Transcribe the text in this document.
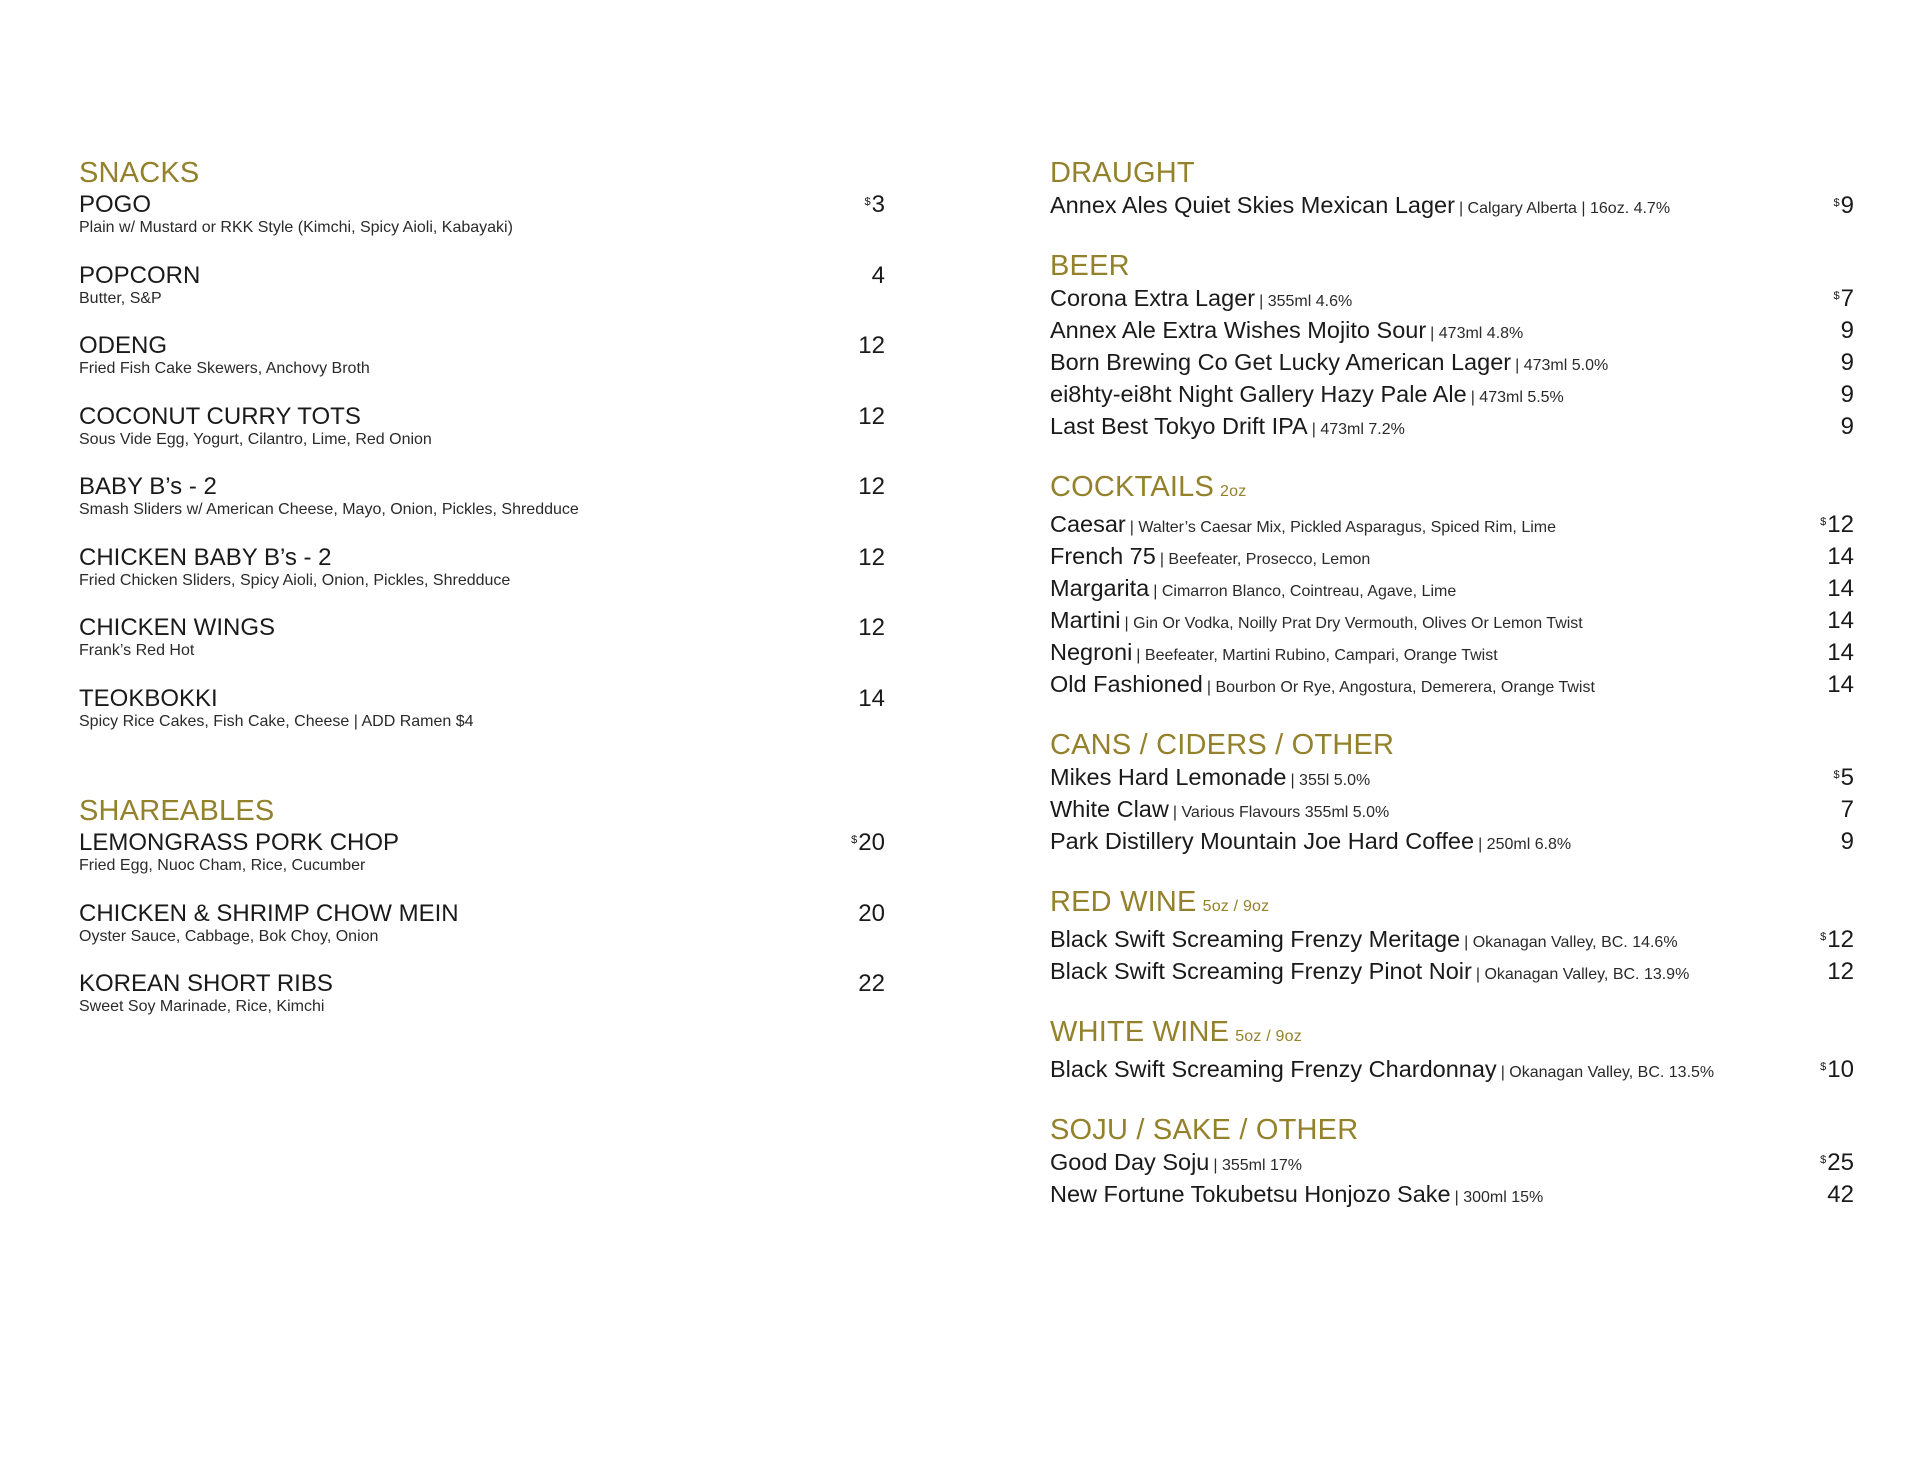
SNACKS
POGO
Plain w/ Mustard or RKK Style (Kimchi, Spicy Aioli, Kabayaki)
$3
POPCORN
Butter, S&P
4
ODENG
Fried Fish Cake Skewers, Anchovy Broth
12
COCONUT CURRY TOTS
Sous Vide Egg, Yogurt, Cilantro, Lime, Red Onion
12
BABY B’s - 2
Smash Sliders w/ American Cheese, Mayo, Onion, Pickles, Shredduce
12
CHICKEN BABY B’s - 2
Fried Chicken Sliders, Spicy Aioli, Onion, Pickles, Shredduce
12
CHICKEN WINGS
Frank’s Red Hot
12
TEOKBOKKI
Spicy Rice Cakes, Fish Cake, Cheese | ADD Ramen $4
14
SHAREABLES
LEMONGRASS PORK CHOP
Fried Egg, Nuoc Cham, Rice, Cucumber
$20
CHICKEN & SHRIMP CHOW MEIN
Oyster Sauce, Cabbage, Bok Choy, Onion
20
KOREAN SHORT RIBS
Sweet Soy Marinade, Rice, Kimchi
22
DRAUGHT
Annex Ales Quiet Skies Mexican Lager | Calgary Alberta | 16oz. 4.7%	$9
BEER
Corona Extra Lager | 355ml 4.6%	$7
Annex Ale Extra Wishes Mojito Sour | 473ml 4.8%	9
Born Brewing Co Get Lucky American Lager | 473ml 5.0%	9
ei8hty-ei8ht Night Gallery Hazy Pale Ale | 473ml 5.5%	9
Last Best Tokyo Drift IPA | 473ml 7.2%	9
COCKTAILS 2oz
Caesar | Walter’s Caesar Mix, Pickled Asparagus, Spiced Rim, Lime	$12
French 75 | Beefeater, Prosecco, Lemon	14
Margarita | Cimarron Blanco, Cointreau, Agave, Lime	14
Martini | Gin Or Vodka, Noilly Prat Dry Vermouth, Olives Or Lemon Twist	14
Negroni | Beefeater, Martini Rubino, Campari, Orange Twist	14
Old Fashioned | Bourbon Or Rye, Angostura, Demerera, Orange Twist	14
CANS / CIDERS / OTHER
Mikes Hard Lemonade | 355l 5.0%	$5
White Claw | Various Flavours 355ml 5.0%	7
Park Distillery Mountain Joe Hard Coffee | 250ml 6.8%	9
RED WINE 5oz / 9oz
Black Swift Screaming Frenzy Meritage | Okanagan Valley, BC. 14.6%	$12
Black Swift Screaming Frenzy Pinot Noir | Okanagan Valley, BC. 13.9%	12
WHITE WINE 5oz / 9oz
Black Swift Screaming Frenzy Chardonnay | Okanagan Valley, BC. 13.5%	$10
SOJU / SAKE / OTHER
Good Day Soju | 355ml 17%	$25
New Fortune Tokubetsu Honjozo Sake | 300ml 15%	42
